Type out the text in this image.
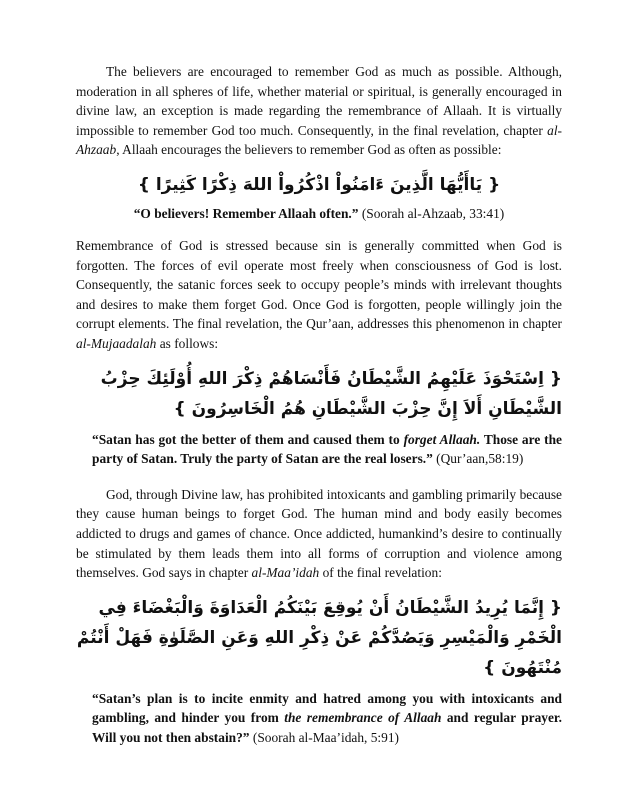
The believers are encouraged to remember God as much as possible. Although, moderation in all spheres of life, whether material or spiritual, is generally encouraged in divine law, an exception is made regarding the remembrance of Allaah. It is virtually impossible to remember God too much. Consequently, in the final revelation, chapter al-Ahzaab, Allaah encourages the believers to remember God as often as possible:

{ يَاأَيُّهَا الَّذِينَ ءَامَنُواْ اذْكُرُواْ اللهَ ذِكْرًا كَثِيرًا }
“O believers! Remember Allaah often.” (Soorah al-Ahzaab, 33:41)

Remembrance of God is stressed because sin is generally committed when God is forgotten. The forces of evil operate most freely when consciousness of God is lost. Consequently, the satanic forces seek to occupy people’s minds with irrelevant thoughts and desires to make them forget God. Once God is forgotten, people willingly join the corrupt elements. The final revelation, the Qur’aan, addresses this phenomenon in chapter al-Mujaadalah as follows:

{ اِسْتَحْوَذَ عَلَيْهِمُ الشَّيْطَانُ فَأَنْسَاهُمْ ذِكْرَ اللهِ أُوْلَئِكَ حِزْبُ الشَّيْطَانِ أَلاَ إِنَّ حِزْبَ الشَّيْطَانِ هُمُ الْخَاسِرُونَ }
“Satan has got the better of them and caused them to forget Allaah. Those are the party of Satan. Truly the party of Satan are the real losers.” (Qur’aan,58:19)

God, through Divine law, has prohibited intoxicants and gambling primarily because they cause human beings to forget God. The human mind and body easily becomes addicted to drugs and games of chance. Once addicted, humankind’s desire to continually be stimulated by them leads them into all forms of corruption and violence among themselves. God says in chapter al-Maa’idah of the final revelation:

{ إِنَّمَا يُرِيدُ الشَّيْطَانُ أَنْ يُوقِعَ بَيْنَكُمُ الْعَدَاوَةَ وَالْبَغْضَاءَ فِي الْخَمْرِ وَالْمَيْسِرِ وَيَصُدَّكُمْ عَنْ ذِكْرِ اللهِ وَعَنِ الصَّلَوٰةِ فَهَلْ أَنْتُمْ مُنْتَهُونَ }
“Satan’s plan is to incite enmity and hatred among you with intoxicants and gambling, and hinder you from the remembrance of Allaah and regular prayer. Will you not then abstain?” (Soorah al-Maa’idah, 5:91)
